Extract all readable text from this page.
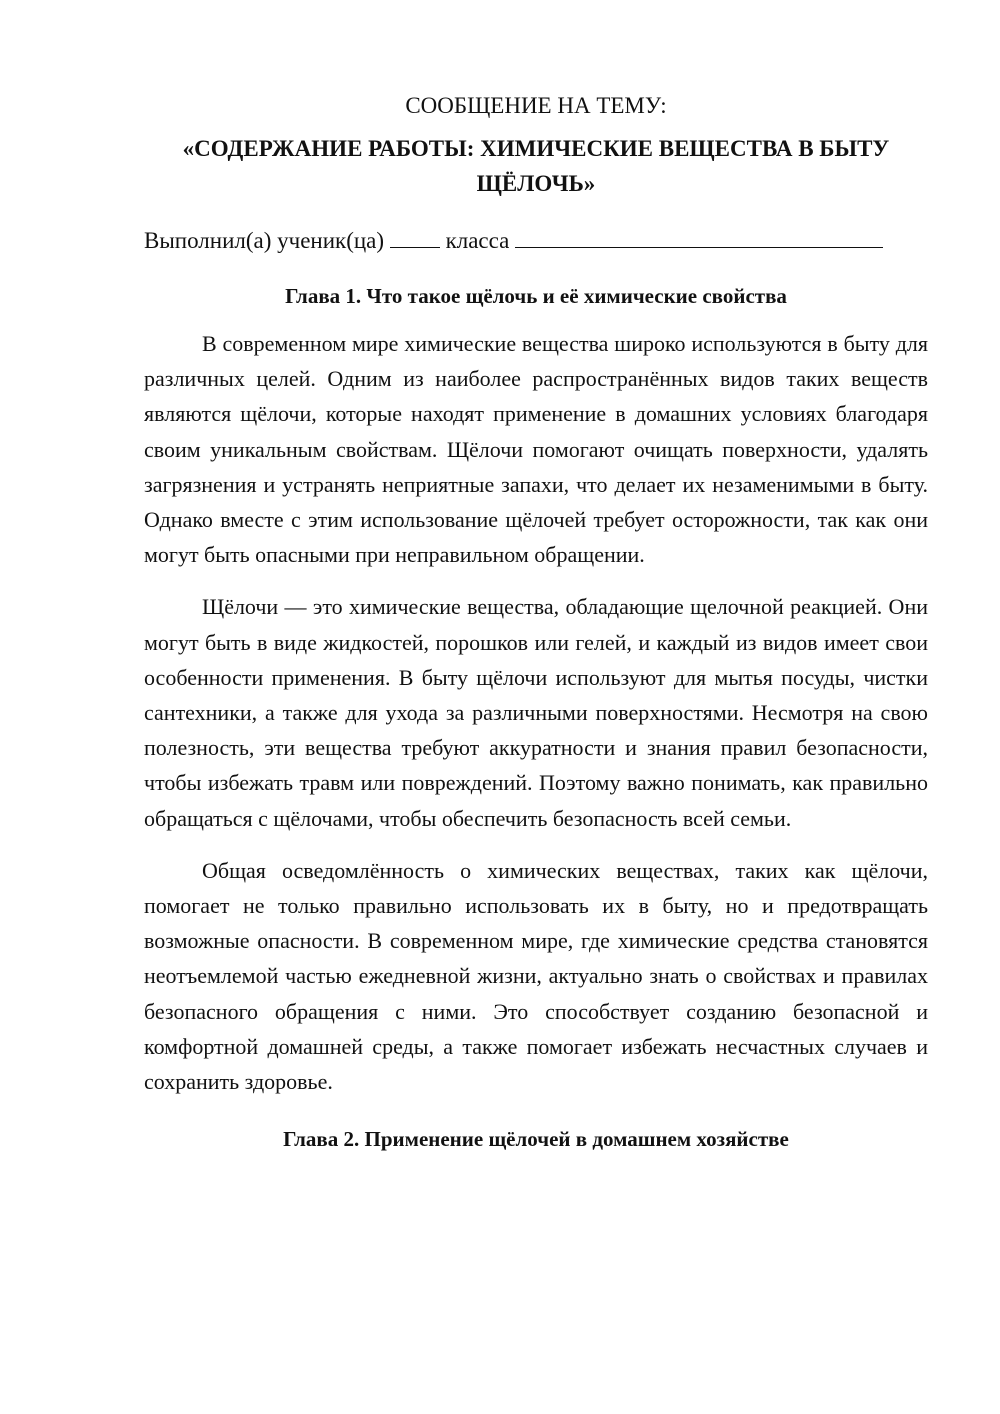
СООБЩЕНИЕ НА ТЕМУ:

«СОДЕРЖАНИЕ РАБОТЫ: ХИМИЧЕСКИЕ ВЕЩЕСТВА В БЫТУ ЩЁЛОЧЬ»

Выполнил(а) ученик(ца)	класса

Глава 1. Что такое щёлочь и её химические свойства

В современном мире химические вещества широко используются в быту для различных целей. Одним из наиболее распространённых видов таких веществ являются щёлочи, которые находят применение в домашних условиях благодаря своим уникальным свойствам. Щёлочи помогают очищать поверхности, удалять загрязнения и устранять неприятные запахи, что делает их незаменимыми в быту. Однако вместе с этим использование щёлочей требует осторожности, так как они могут быть опасными при неправильном обращении.

Щёлочи — это химические вещества, обладающие щелочной реакцией. Они могут быть в виде жидкостей, порошков или гелей, и каждый из видов имеет свои особенности применения. В быту щёлочи используют для мытья посуды, чистки сантехники, а также для ухода за различными поверхностями. Несмотря на свою полезность, эти вещества требуют аккуратности и знания правил безопасности, чтобы избежать травм или повреждений. Поэтому важно понимать, как правильно обращаться с щёлочами, чтобы обеспечить безопасность всей семьи.

Общая осведомлённость о химических веществах, таких как щёлочи, помогает не только правильно использовать их в быту, но и предотвращать возможные опасности. В современном мире, где химические средства становятся неотъемлемой частью ежедневной жизни, актуально знать о свойствах и правилах безопасного обращения с ними. Это способствует созданию безопасной и комфортной домашней среды, а также помогает избежать несчастных случаев и сохранить здоровье.

Глава 2. Применение щёлочей в домашнем хозяйстве
